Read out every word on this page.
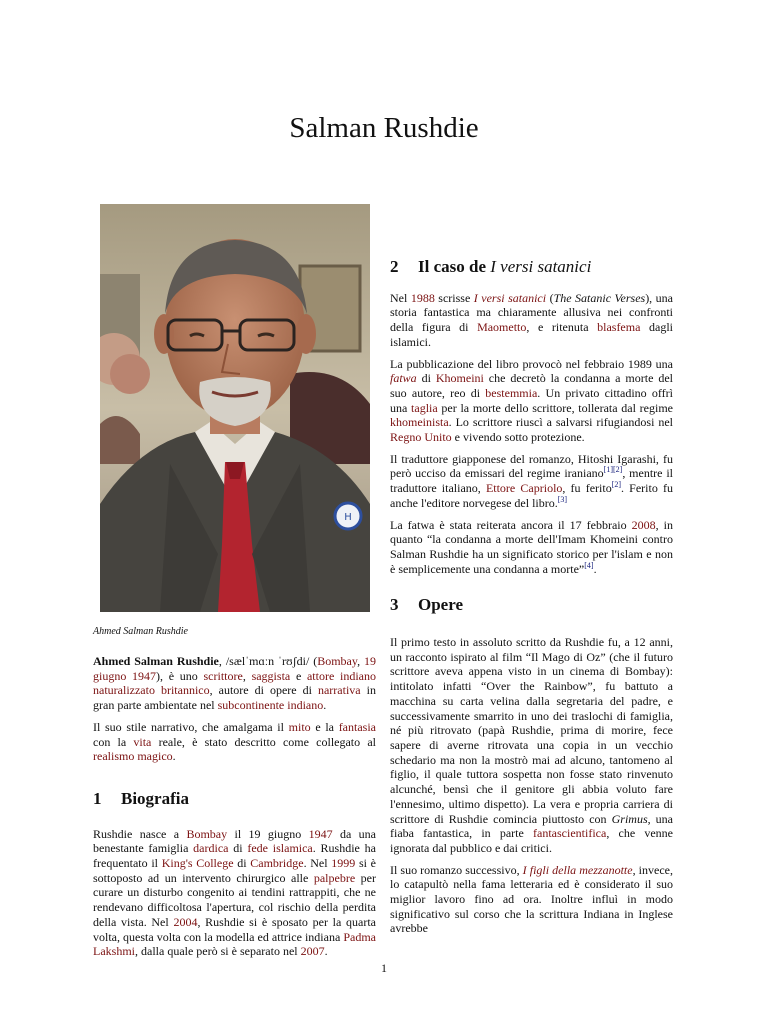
Salman Rushdie
H
Ahmed Salman Rushdie

Ahmed Salman Rushdie, /sælˈmɑːn ˈrʊʃdi/ (Bombay, 19 giugno 1947), è uno scrittore, saggista e attore indiano naturalizzato britannico, autore di opere di narrativa in gran parte ambientate nel subcontinente indiano.

Il suo stile narrativo, che amalgama il mito e la fantasia con la vita reale, è stato descritto come collegato al realismo magico.

1	Biografia

Rushdie nasce a Bombay il 19 giugno 1947 da una benestante famiglia dardica di fede islamica. Rushdie ha frequentato il King's College di Cambridge. Nel 1999 si è sottoposto ad un intervento chirurgico alle palpebre per curare un disturbo congenito ai tendini rattrappiti, che ne rendevano difficoltosa l'apertura, col rischio della perdita della vista. Nel 2004, Rushdie si è sposato per la quarta volta, questa volta con la modella ed attrice indiana Padma Lakshmi, dalla quale però si è separato nel 2007.

2	Il caso de I versi satanici

Nel 1988 scrisse I versi satanici (The Satanic Verses), una storia fantastica ma chiaramente allusiva nei confronti della figura di Maometto, e ritenuta blasfema dagli islamici.

La pubblicazione del libro provocò nel febbraio 1989 una fatwa di Khomeini che decretò la condanna a morte del suo autore, reo di bestemmia. Un privato cittadino offrì una taglia per la morte dello scrittore, tollerata dal regime khomeinista. Lo scrittore riuscì a salvarsi rifugiandosi nel Regno Unito e vivendo sotto protezione.

Il traduttore giapponese del romanzo, Hitoshi Igarashi, fu però ucciso da emissari del regime iraniano[1][2], mentre il traduttore italiano, Ettore Capriolo, fu ferito[2]. Ferito fu anche l'editore norvegese del libro.[3]

La fatwa è stata reiterata ancora il 17 febbraio 2008, in quanto “la condanna a morte dell'Imam Khomeini contro Salman Rushdie ha un significato storico per l'islam e non è semplicemente una condanna a morte”[4].

3	Opere

Il primo testo in assoluto scritto da Rushdie fu, a 12 anni, un racconto ispirato al film “Il Mago di Oz” (che il futuro scrittore aveva appena visto in un cinema di Bombay): intitolato infatti “Over the Rainbow”, fu battuto a macchina su carta velina dalla segretaria del padre, e successivamente smarrito in uno dei traslochi di famiglia, né più ritrovato (papà Rushdie, prima di morire, fece sapere di averne ritrovata una copia in un vecchio schedario ma non la mostrò mai ad alcuno, tantomeno al figlio, il quale tuttora sospetta non fosse stato rinvenuto alcunché, bensì che il genitore gli abbia voluto fare l'ennesimo, ultimo dispetto). La vera e propria carriera di scrittore di Rushdie comincia piuttosto con Grimus, una fiaba fantastica, in parte fantascientifica, che venne ignorata dal pubblico e dai critici.

Il suo romanzo successivo, I figli della mezzanotte, invece, lo catapultò nella fama letteraria ed è considerato il suo miglior lavoro fino ad ora. Inoltre influì in modo significativo sul corso che la scrittura Indiana in Inglese avrebbe

1
